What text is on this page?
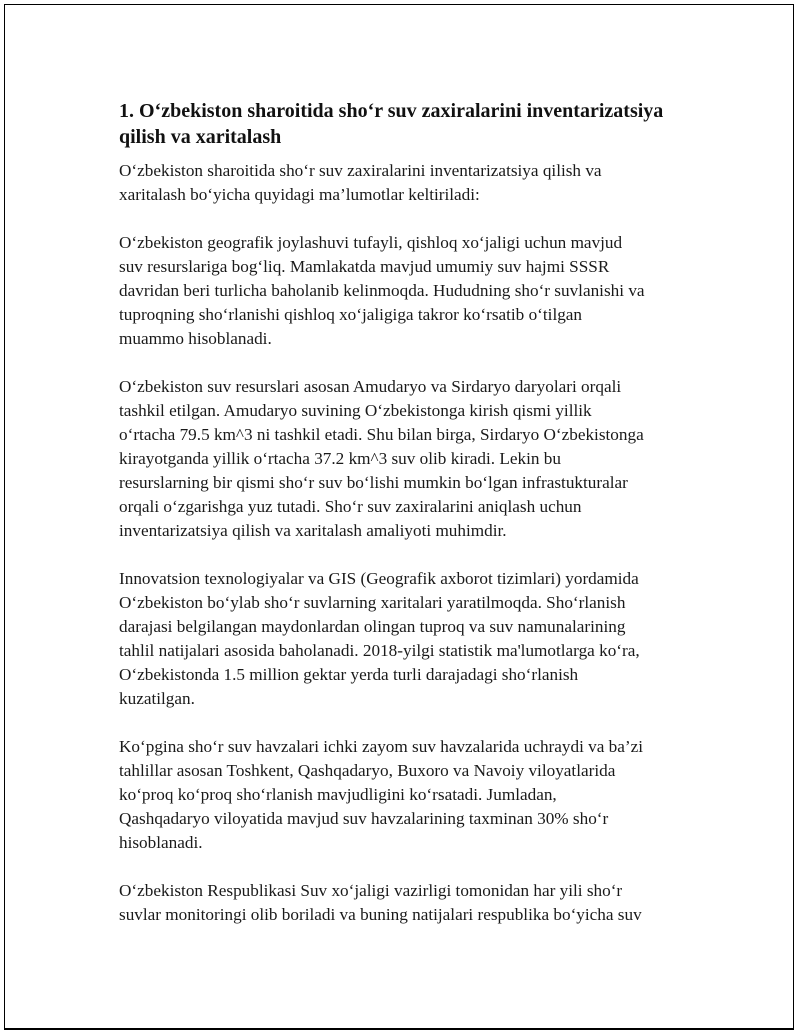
1. O‘zbekiston sharoitida sho‘r suv zaxiralarini inventarizatsiya qilish va xaritalash

O‘zbekiston sharoitida sho‘r suv zaxiralarini inventarizatsiya qilish va
xaritalash bo‘yicha quyidagi ma’lumotlar keltiriladi:

O‘zbekiston geografik joylashuvi tufayli, qishloq xo‘jaligi uchun mavjud
suv resurslariga bog‘liq. Mamlakatda mavjud umumiy suv hajmi SSSR
davridan beri turlicha baholanib kelinmoqda. Hududning sho‘r suvlanishi va
tuproqning sho‘rlanishi qishloq xo‘jaligiga takror ko‘rsatib o‘tilgan
muammo hisoblanadi.

O‘zbekiston suv resurslari asosan Amudaryo va Sirdaryo daryolari orqali
tashkil etilgan. Amudaryo suvining O‘zbekistonga kirish qismi yillik
o‘rtacha 79.5 km^3 ni tashkil etadi. Shu bilan birga, Sirdaryo O‘zbekistonga
kirayotganda yillik o‘rtacha 37.2 km^3 suv olib kiradi. Lekin bu
resurslarning bir qismi sho‘r suv bo‘lishi mumkin bo‘lgan infrastukturalar
orqali o‘zgarishga yuz tutadi. Sho‘r suv zaxiralarini aniqlash uchun
inventarizatsiya qilish va xaritalash amaliyoti muhimdir.

Innovatsion texnologiyalar va GIS (Geografik axborot tizimlari) yordamida
O‘zbekiston bo‘ylab sho‘r suvlarning xaritalari yaratilmoqda. Sho‘rlanish
darajasi belgilangan maydonlardan olingan tuproq va suv namunalarining
tahlil natijalari asosida baholanadi. 2018-yilgi statistik ma'lumotlarga ko‘ra,
O‘zbekistonda 1.5 million gektar yerda turli darajadagi sho‘rlanish
kuzatilgan.

Ko‘pgina sho‘r suv havzalari ichki zayom suv havzalarida uchraydi va ba’zi
tahlillar asosan Toshkent, Qashqadaryo, Buxoro va Navoiy viloyatlarida
ko‘proq ko‘proq sho‘rlanish mavjudligini ko‘rsatadi. Jumladan,
Qashqadaryo viloyatida mavjud suv havzalarining taxminan 30% sho‘r
hisoblanadi.

O‘zbekiston Respublikasi Suv xo‘jaligi vazirligi tomonidan har yili sho‘r
suvlar monitoringi olib boriladi va buning natijalari respublika bo‘yicha suv
